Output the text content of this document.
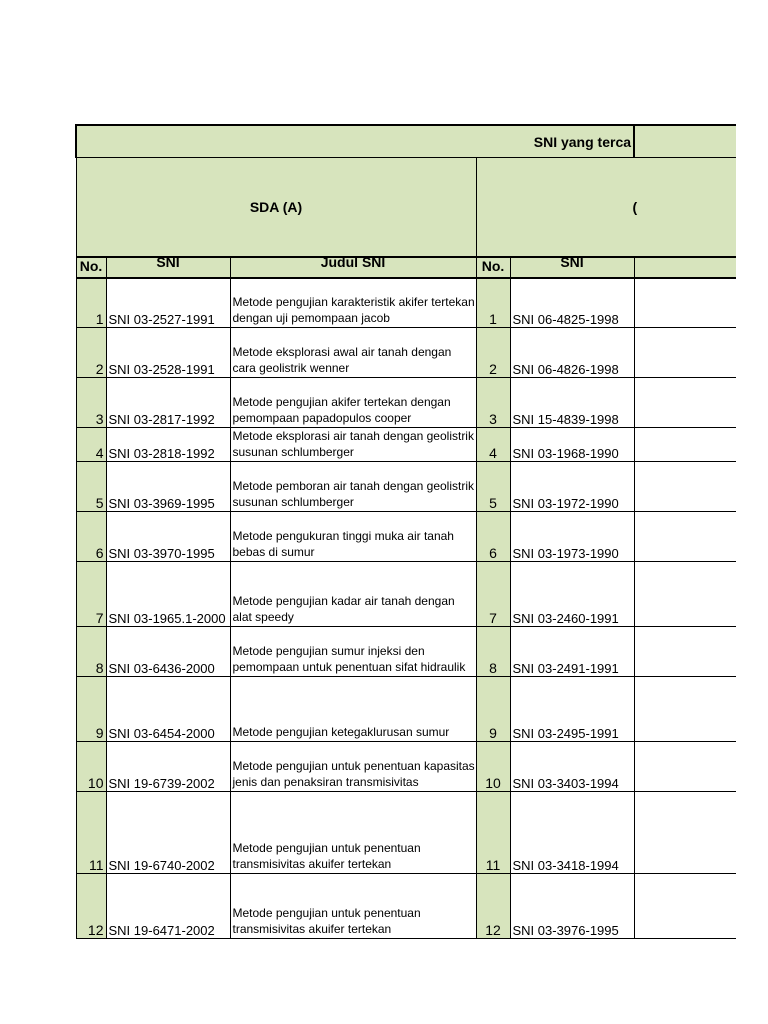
SNI yang terca					
SDA (A)			(		
No.	SNI	Judul SNI	No.	SNI	
1	SNI 03-2527-1991	Metode pengujian karakteristik akifer tertekan dengan uji pemompaan jacob	1	SNI 06-4825-1998	
2	SNI 03-2528-1991	Metode eksplorasi awal air tanah dengan cara geolistrik wenner	2	SNI 06-4826-1998	
3	SNI 03-2817-1992	Metode pengujian akifer tertekan dengan pemompaan papadopulos cooper	3	SNI 15-4839-1998	
4	SNI 03-2818-1992	Metode eksplorasi air tanah dengan geolistrik susunan schlumberger	4	SNI 03-1968-1990	
5	SNI 03-3969-1995	Metode pemboran air tanah dengan geolistrik susunan schlumberger	5	SNI 03-1972-1990	
6	SNI 03-3970-1995	Metode pengukuran tinggi muka air tanah bebas di sumur	6	SNI 03-1973-1990	
7	SNI 03-1965.1-2000	Metode pengujian kadar air tanah dengan alat speedy	7	SNI 03-2460-1991	
8	SNI 03-6436-2000	Metode pengujian sumur injeksi den pemompaan untuk penentuan sifat hidraulik	8	SNI 03-2491-1991	
9	SNI 03-6454-2000	Metode pengujian ketegaklurusan sumur	9	SNI 03-2495-1991	
10	SNI 19-6739-2002	Metode pengujian untuk penentuan kapasitas jenis dan penaksiran transmisivitas	10	SNI 03-3403-1994	
11	SNI 19-6740-2002	Metode pengujian untuk penentuan transmisivitas akuifer tertekan	11	SNI 03-3418-1994	
12	SNI 19-6471-2002	Metode pengujian untuk penentuan transmisivitas akuifer tertekan	12	SNI 03-3976-1995	
